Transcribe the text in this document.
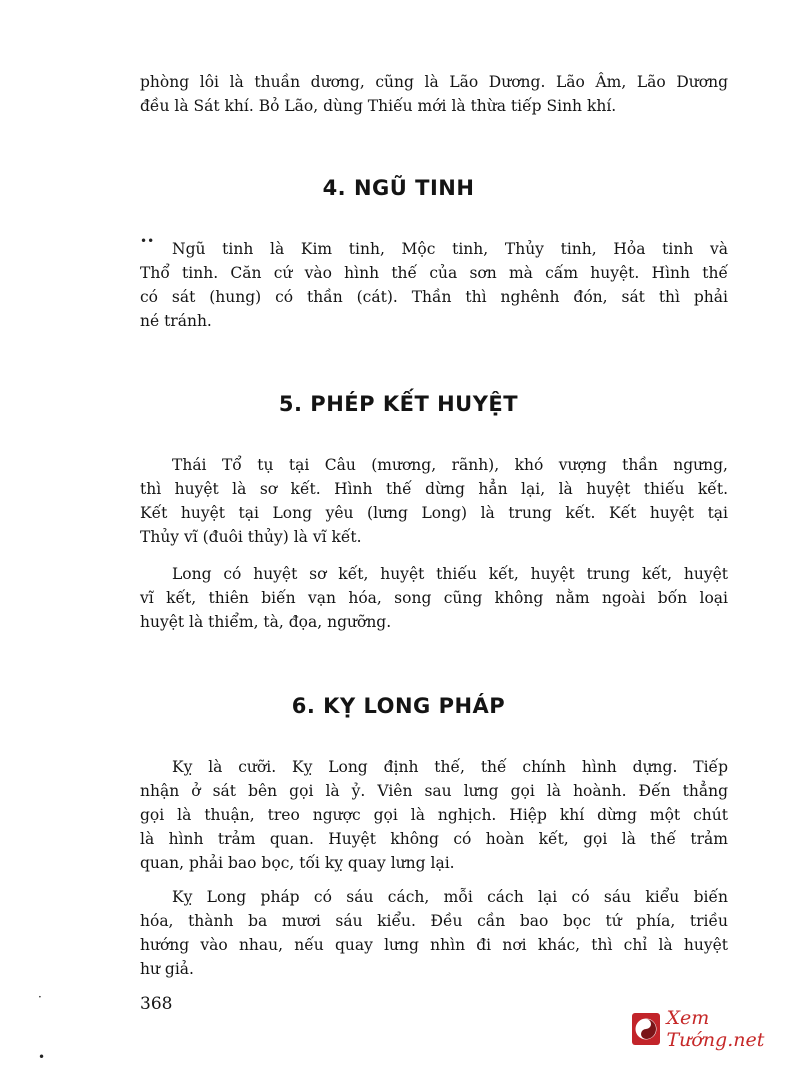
phòng lôi là thuần dương, cũng là Lão Dương. Lão Âm, Lão Dương
đều là Sát khí. Bỏ Lão, dùng Thiếu mới là thừa tiếp Sinh khí.
4. NGŨ TINH
•• Ngũ tinh là Kim tinh, Mộc tinh, Thủy tinh, Hỏa tinh và
Thổ tinh. Căn cứ vào hình thế của sơn mà cấm huyệt. Hình thế
có sát (hung) có thần (cát). Thần thì nghênh đón, sát thì phải
né tránh.
5. PHÉP KẾT HUYỆT
Thái Tổ tụ tại Câu (mương, rãnh), khó vượng thần ngưng,
thì huyệt là sơ kết. Hình thế dừng hẳn lại, là huyệt thiếu kết.
Kết huyệt tại Long yêu (lưng Long) là trung kết. Kết huyệt tại
Thủy vĩ (đuôi thủy) là vĩ kết.
Long có huyệt sơ kết, huyệt thiếu kết, huyệt trung kết, huyệt
vĩ kết, thiên biến vạn hóa, song cũng không nằm ngoài bốn loại
huyệt là thiểm, tà, đọa, ngưỡng.
6. KỴ LONG PHÁP
Kỵ là cưỡi. Kỵ Long định thế, thế chính hình dựng. Tiếp
nhận ở sát bên gọi là ỷ. Viên sau lưng gọi là hoành. Đến thẳng
gọi là thuận, treo ngược gọi là nghịch. Hiệp khí dừng một chút
là hình trảm quan. Huyệt không có hoàn kết, gọi là thế trảm
quan, phải bao bọc, tối kỵ quay lưng lại.
Kỵ Long pháp có sáu cách, mỗi cách lại có sáu kiểu biến
hóa, thành ba mươi sáu kiểu. Đều cần bao bọc tứ phía, triều
hướng vào nhau, nếu quay lưng nhìn đi nơi khác, thì chỉ là huyệt
hư giả.
368
·
•
Xem Tướng.net
